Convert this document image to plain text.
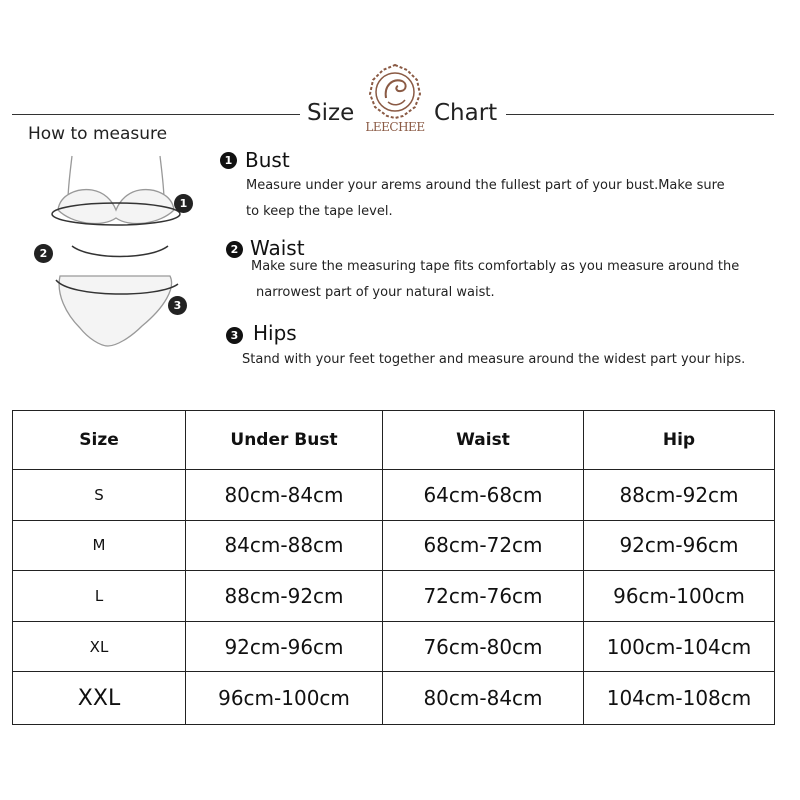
Size	Chart
LEECHEE
How to measure
1
2
3
1 Bust
Measure under your arems around the fullest part of your bust.Make sure
to keep the tape level.
2 Waist
Make sure the measuring tape fits comfortably as you measure around the
narrowest part of your natural waist.
3 Hips
Stand with your feet together and measure around the widest part your hips.
Size	Under Bust	Waist	Hip
S	80cm-84cm	64cm-68cm	88cm-92cm
M	84cm-88cm	68cm-72cm	92cm-96cm
L	88cm-92cm	72cm-76cm	96cm-100cm
XL	92cm-96cm	76cm-80cm	100cm-104cm
XXL	96cm-100cm	80cm-84cm	104cm-108cm
